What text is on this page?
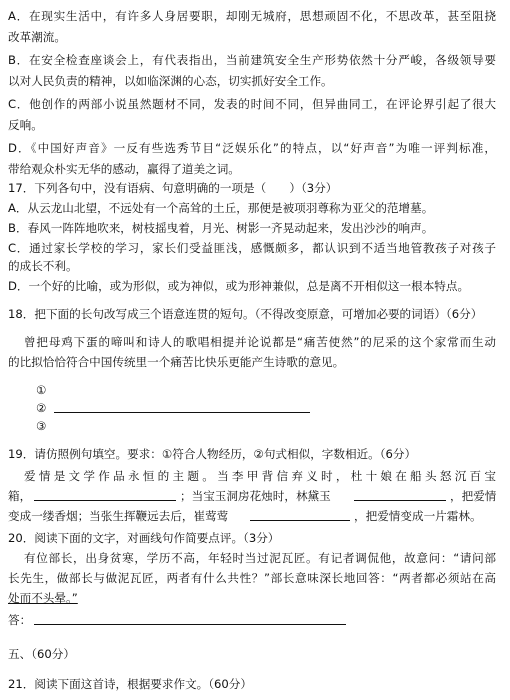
A．在现实生活中，有许多人身居要职，却刚无城府，思想顽固不化，不思改革，甚至阻挠
改革潮流。
B．在安全检查座谈会上，有代表指出，当前建筑安全生产形势依然十分严峻，各级领导要
以对人民负责的精神，以如临深渊的心态，切实抓好安全工作。
C．他创作的两部小说虽然题材不同，发表的时间不同，但异曲同工，在评论界引起了很大
反响。
D．《中国好声音》一反有些选秀节目“泛娱乐化”的特点，以“好声音”为唯一评判标准，
带给观众朴实无华的感动，赢得了道美之词。
17．下列各句中，没有语病、句意明确的一项是（　　）（3分）
A．从云龙山北望，不远处有一个高耸的土丘，那便是被项羽尊称为亚父的范增墓。
B．春风一阵阵地吹来，树枝摇曳着，月光、树影一齐晃动起来，发出沙沙的响声。
C．通过家长学校的学习，家长们受益匪浅，感慨颇多，都认识到不适当地管教孩子对孩子
的成长不利。
D．一个好的比喻，或为形似，或为神似，或为形神兼似，总是离不开相似这一根本特点。
18．把下面的长句改写成三个语意连贯的短句。（不得改变原意，可增加必要的词语）（6分）
曾把母鸡下蛋的啼叫和诗人的歌唱相提并论说都是“痛苦使然”的尼采的这个家常而生动
的比拟恰恰符合中国传统里一个痛苦比快乐更能产生诗歌的意见。
①
②
③
19．请仿照例句填空。要求：①符合人物经历，②句式相似，字数相近。（6分）
爱情是文学作品永恒的主题。当李甲背信弃义时，杜十娘在船头怒沉百宝
箱，	；当宝玉洞房花烛时，林黛玉	，把爱情
变成一缕香烟；当张生挥鞭远去后，崔莺莺	，把爱情变成一片霜林。
20．阅读下面的文字，对画线句作简要点评。（3分）
有位部长，出身贫寒，学历不高，年轻时当过泥瓦匠。有记者调侃他，故意问：“请问部
长先生，做部长与做泥瓦匠，两者有什么共性？”部长意味深长地回答：“两者都必须站在高
处而不头晕。”
答：
五、（60分）
21．阅读下面这首诗，根据要求作文。（60分）
